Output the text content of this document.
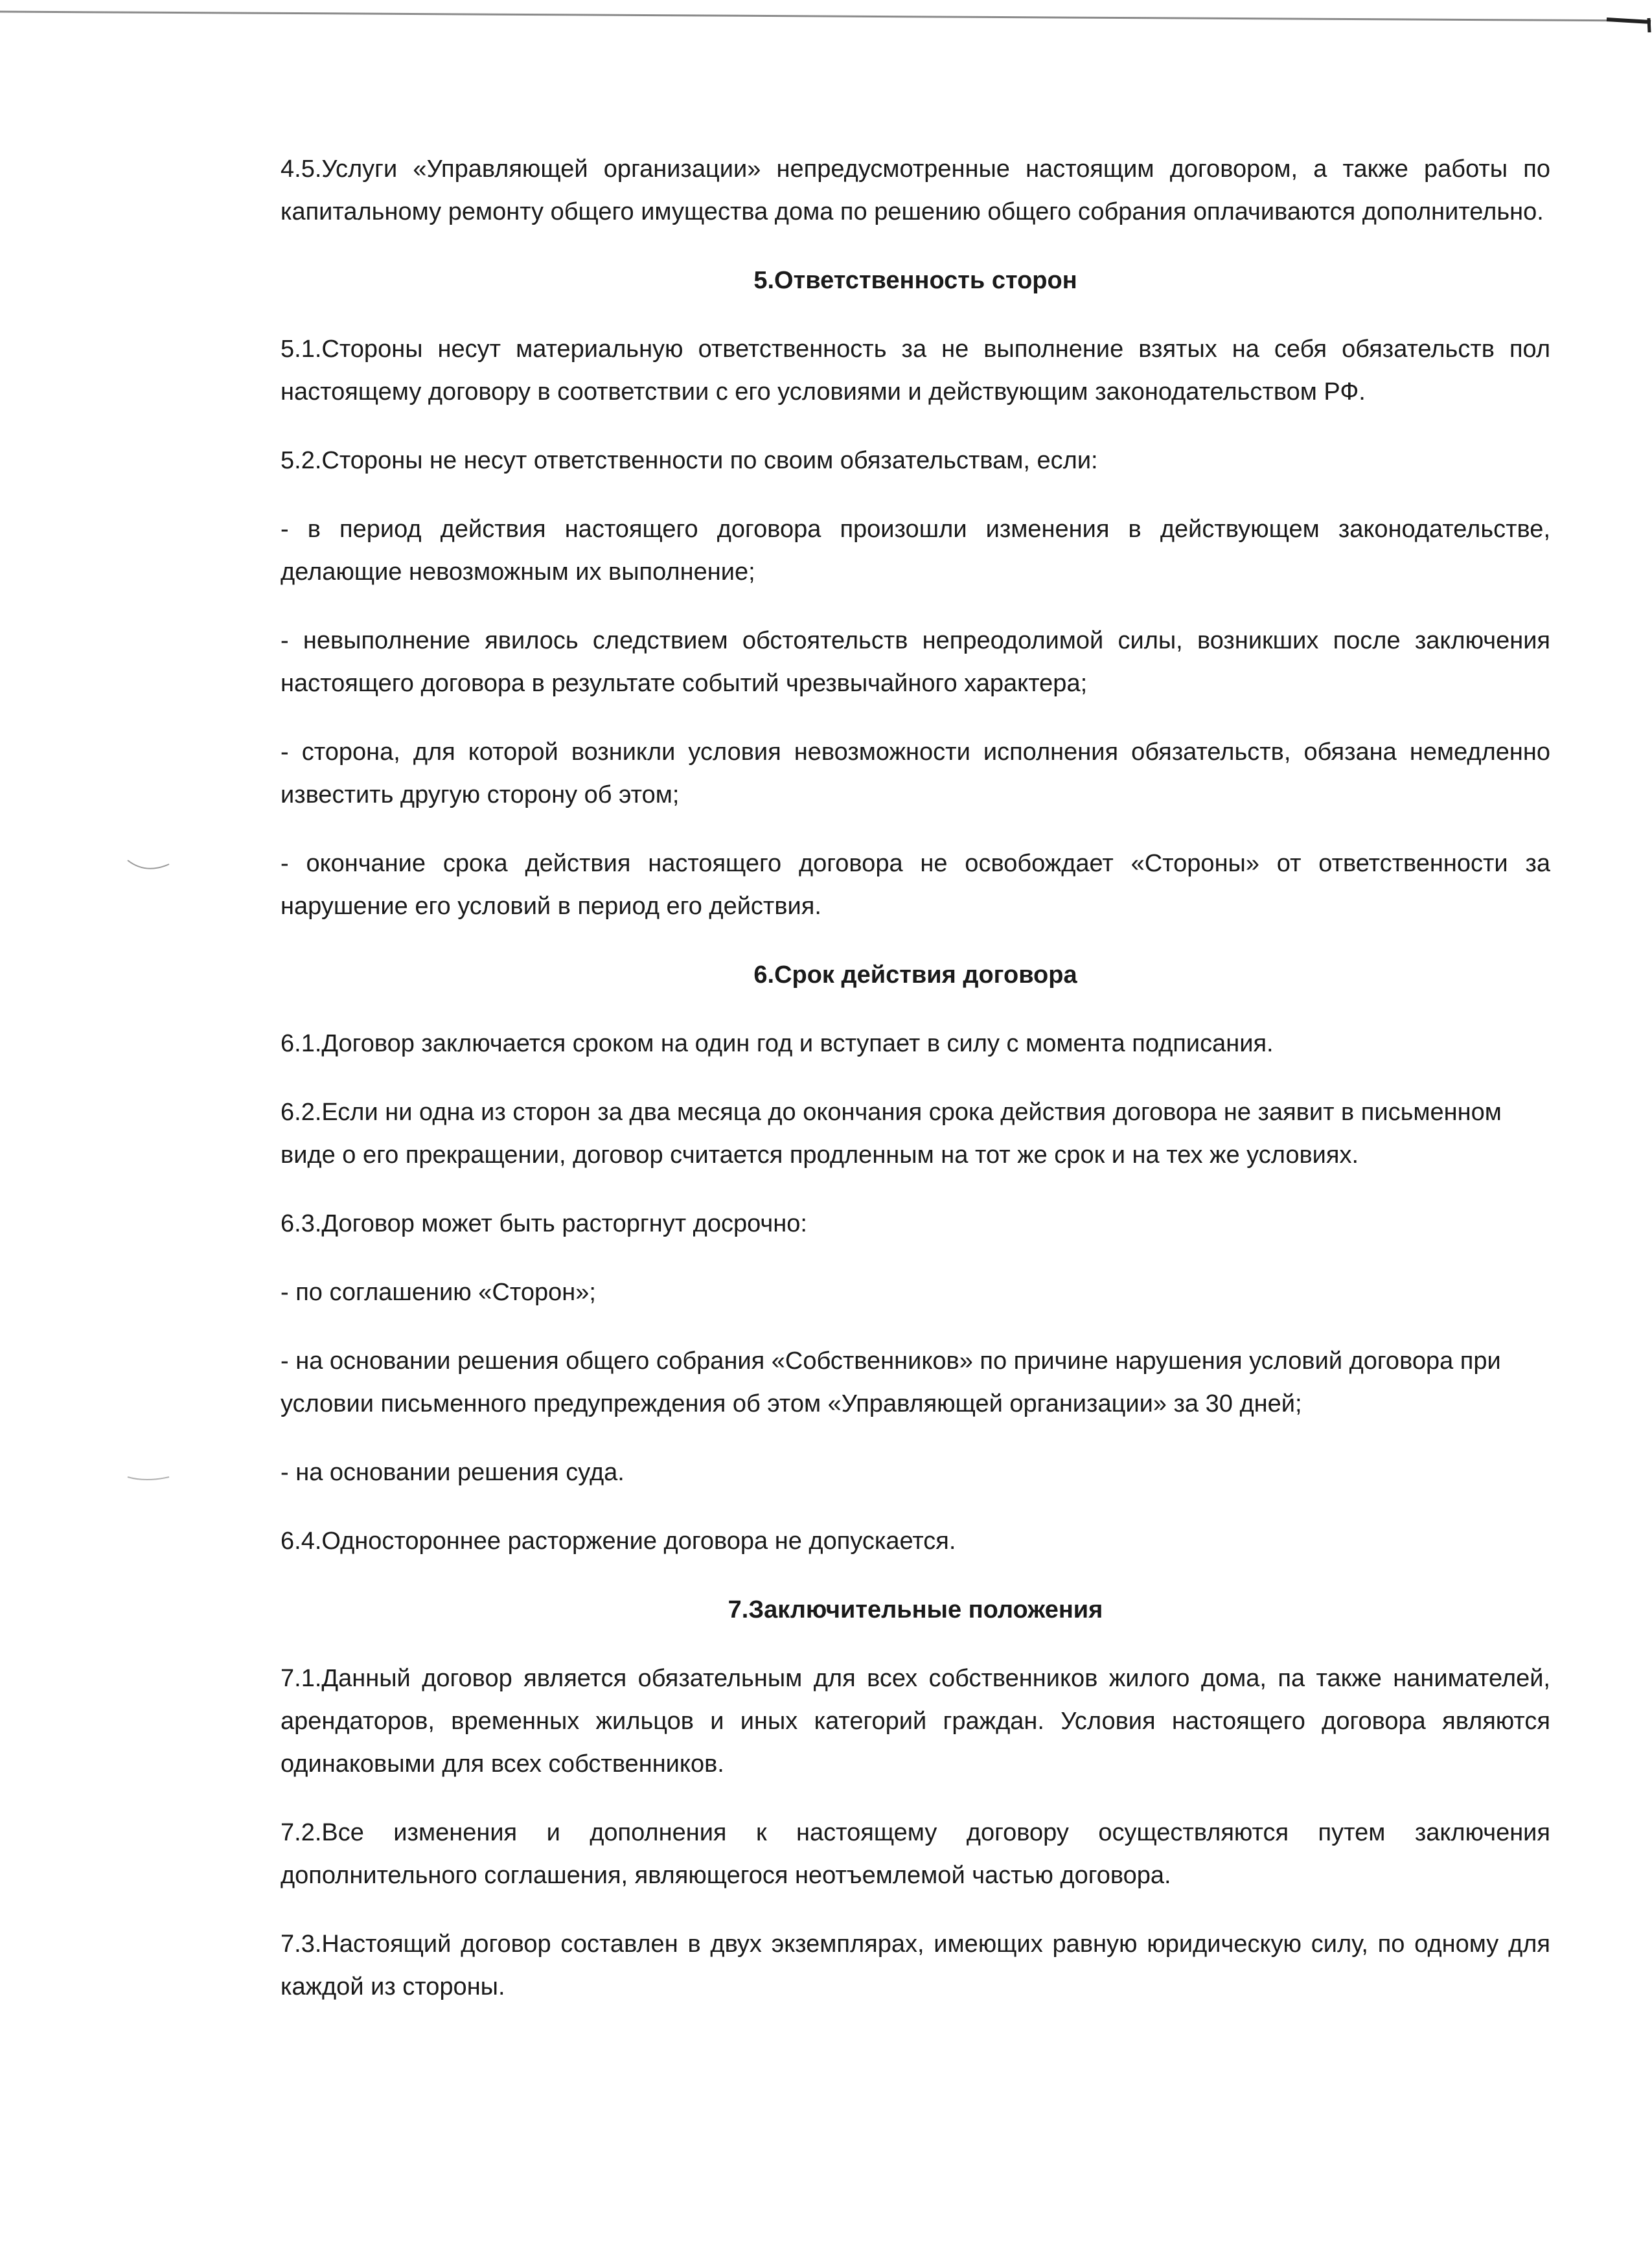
4.5.Услуги «Управляющей организации» непредусмотренные настоящим договором, а также работы по капитальному ремонту общего имущества дома по решению общего собрания оплачиваются дополнительно.

5.Ответственность сторон

5.1.Стороны несут материальную ответственность за не выполнение взятых на себя обязательств пол настоящему договору в соответствии с его условиями и действующим законодательством РФ.

5.2.Стороны не несут ответственности по своим обязательствам, если:

- в период действия настоящего договора произошли изменения в действующем законодательстве, делающие невозможным их выполнение;

- невыполнение явилось следствием обстоятельств непреодолимой силы, возникших после заключения настоящего договора в результате событий чрезвычайного характера;

- сторона, для которой возникли условия невозможности исполнения обязательств, обязана немедленно известить другую сторону об этом;

- окончание срока действия настоящего договора не освобождает «Стороны» от ответственности за нарушение его условий в период его действия.

6.Срок действия договора

6.1.Договор заключается сроком на один год и вступает в силу с момента подписания.

6.2.Если ни одна из сторон за два месяца до окончания срока действия договора не заявит в письменном виде о его прекращении, договор считается продленным на тот же срок и на тех же условиях.

6.3.Договор может быть расторгнут досрочно:

- по соглашению «Сторон»;

- на основании решения общего собрания «Собственников» по причине нарушения условий договора при условии письменного предупреждения об этом «Управляющей организации» за 30 дней;

- на основании решения суда.

6.4.Одностороннее расторжение договора не допускается.

7.Заключительные положения

7.1.Данный договор является обязательным для всех собственников жилого дома, па также нанимателей, арендаторов, временных жильцов и иных категорий граждан. Условия настоящего договора являются одинаковыми для всех собственников.

7.2.Все изменения и дополнения к настоящему договору осуществляются путем заключения дополнительного соглашения, являющегося неотъемлемой частью договора.

7.3.Настоящий договор составлен в двух экземплярах, имеющих равную юридическую силу, по одному для каждой из стороны.
